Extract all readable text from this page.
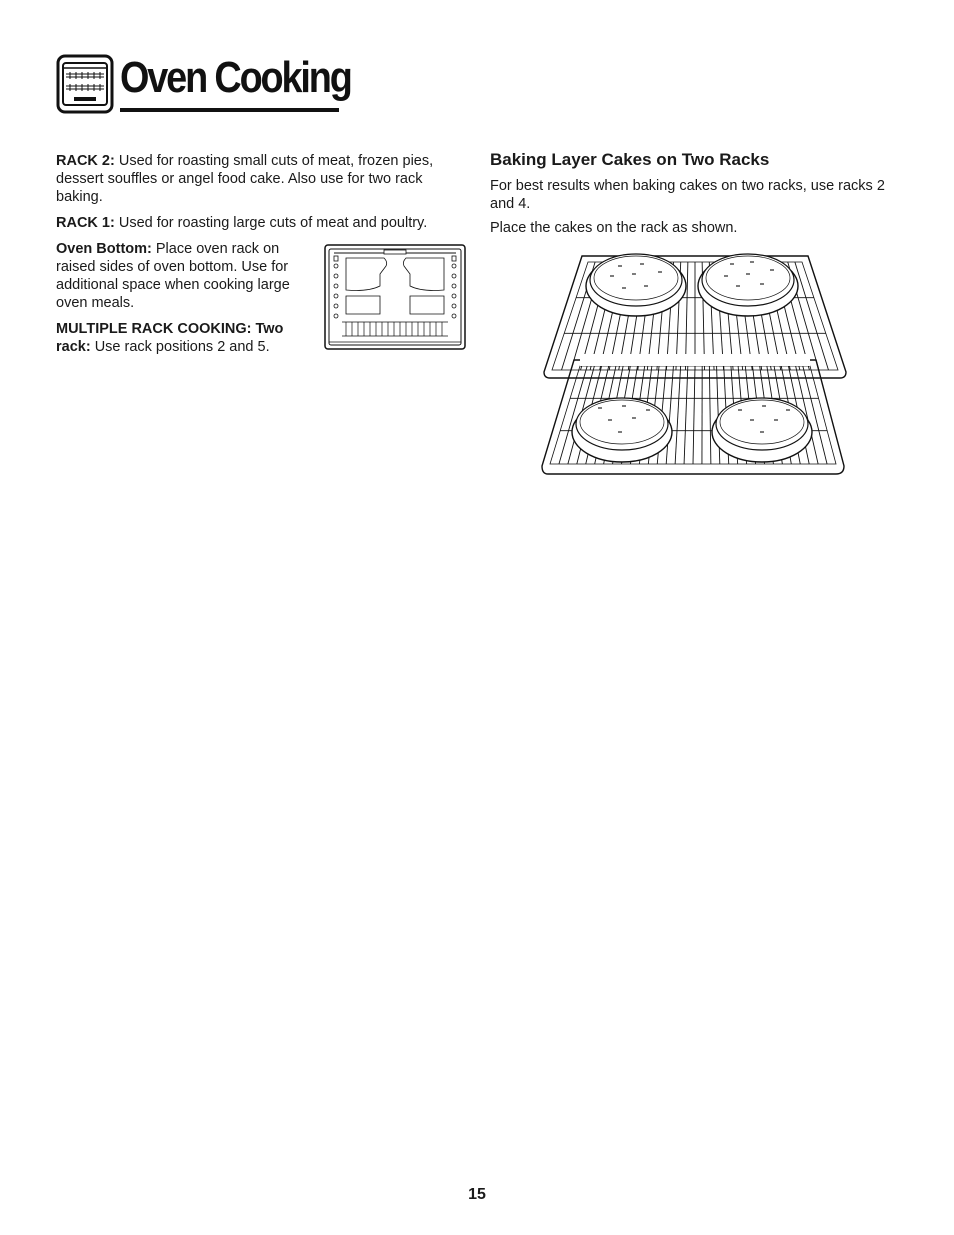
Oven Cooking

RACK 2: Used for roasting small cuts of meat, frozen pies, dessert souffles or angel food cake. Also use for two rack baking.

RACK 1: Used for roasting large cuts of meat and poultry.

Oven Bottom: Place oven rack on raised sides of oven bottom. Use for additional space when cooking large oven meals.

MULTIPLE RACK COOKING: Two rack: Use rack positions 2 and 5.

Baking Layer Cakes on Two Racks

For best results when baking cakes on two racks, use racks 2 and 4.

Place the cakes on the rack as shown.

15
